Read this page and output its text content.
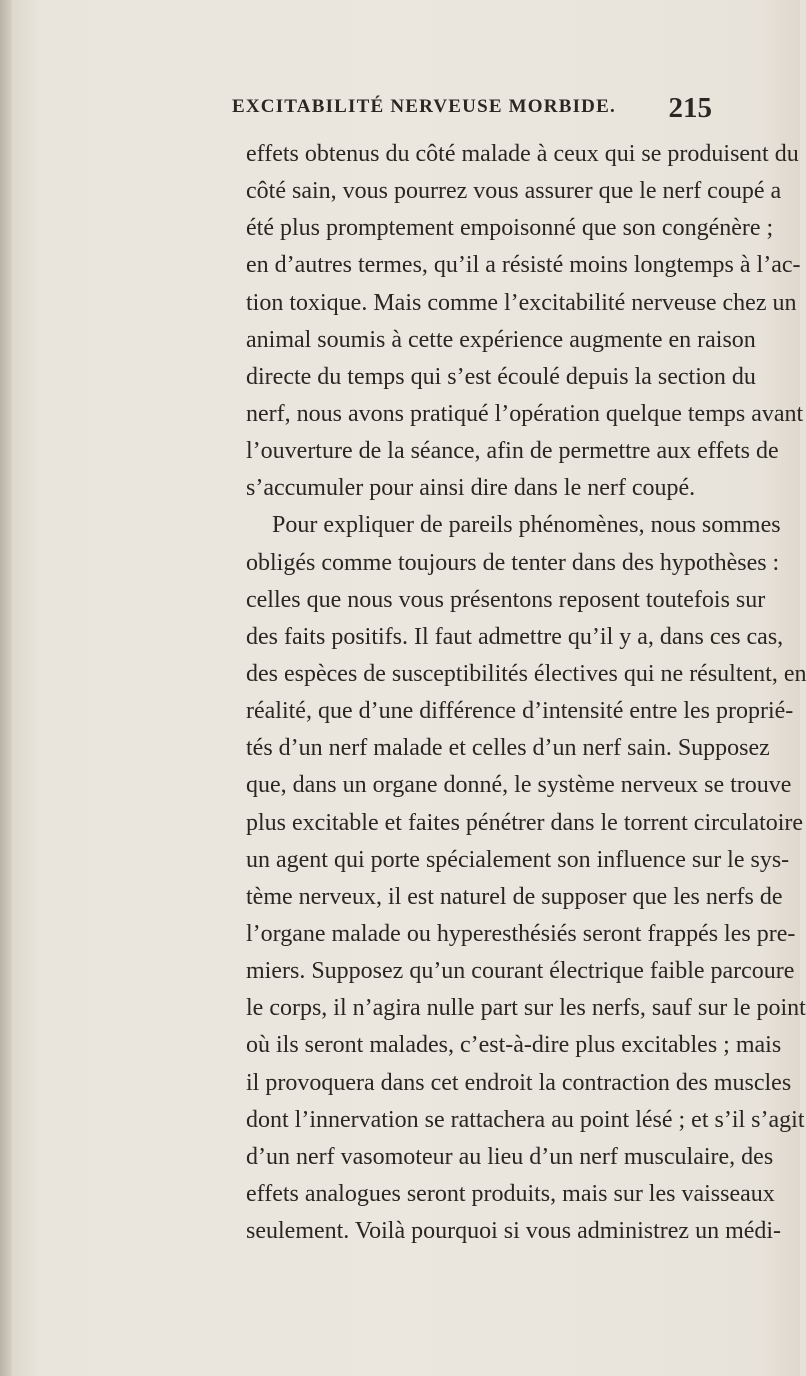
EXCITABILITÉ NERVEUSE MORBIDE. 215
effets obtenus du côté malade à ceux qui se produisent du
côté sain, vous pourrez vous assurer que le nerf coupé a
été plus promptement empoisonné que son congénère ;
en d’autres termes, qu’il a résisté moins longtemps à l’ac-
tion toxique. Mais comme l’excitabilité nerveuse chez un
animal soumis à cette expérience augmente en raison
directe du temps qui s’est écoulé depuis la section du
nerf, nous avons pratiqué l’opération quelque temps avant
l’ouverture de la séance, afin de permettre aux effets de
s’accumuler pour ainsi dire dans le nerf coupé.
Pour expliquer de pareils phénomènes, nous sommes
obligés comme toujours de tenter dans des hypothèses :
celles que nous vous présentons reposent toutefois sur
des faits positifs. Il faut admettre qu’il y a, dans ces cas,
des espèces de susceptibilités électives qui ne résultent, en
réalité, que d’une différence d’intensité entre les proprié-
tés d’un nerf malade et celles d’un nerf sain. Supposez
que, dans un organe donné, le système nerveux se trouve
plus excitable et faites pénétrer dans le torrent circulatoire
un agent qui porte spécialement son influence sur le sys-
tème nerveux, il est naturel de supposer que les nerfs de
l’organe malade ou hyperesthésiés seront frappés les pre-
miers. Supposez qu’un courant électrique faible parcoure
le corps, il n’agira nulle part sur les nerfs, sauf sur le point
où ils seront malades, c’est-à-dire plus excitables ; mais
il provoquera dans cet endroit la contraction des muscles
dont l’innervation se rattachera au point lésé ; et s’il s’agit
d’un nerf vasomoteur au lieu d’un nerf musculaire, des
effets analogues seront produits, mais sur les vaisseaux
seulement. Voilà pourquoi si vous administrez un médi-
